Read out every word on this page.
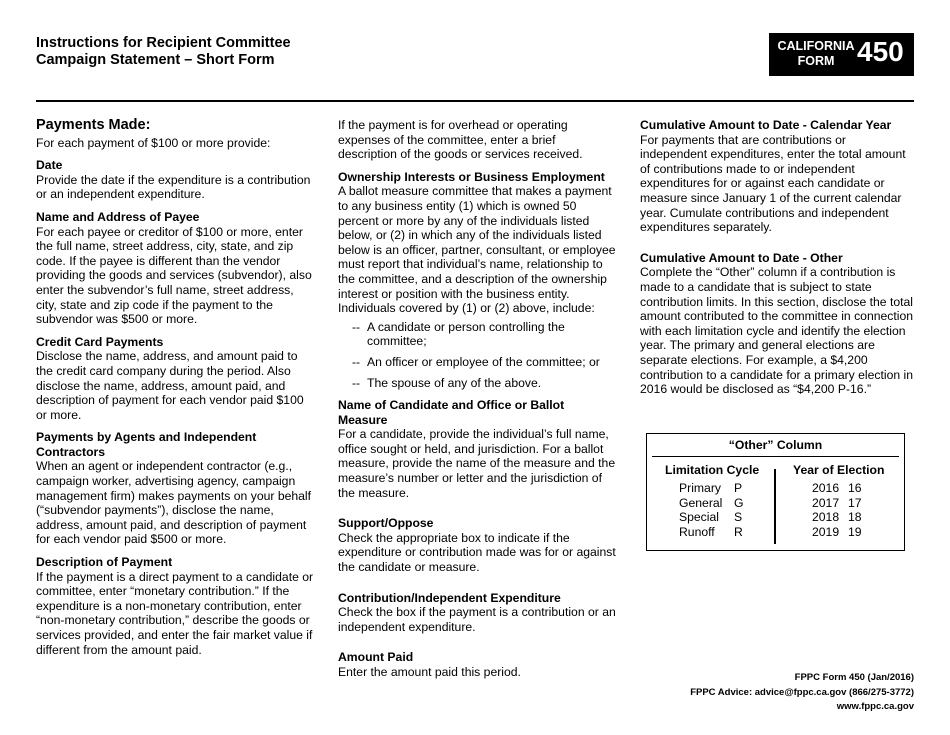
Instructions for Recipient Committee
Campaign Statement – Short Form
CALIFORNIA
FORM 450
Payments Made:

For each payment of $100 or more provide:

Date

Provide the date if the expenditure is a contribution or an independent expenditure.

Name and Address of Payee

For each payee or creditor of $100 or more, enter the full name, street address, city, state, and zip code. If the payee is different than the vendor providing the goods and services (subvendor), also enter the subvendor’s full name, street address, city, state and zip code if the payment to the subvendor was $500 or more.

Credit Card Payments

Disclose the name, address, and amount paid to the credit card company during the period. Also disclose the name, address, amount paid, and description of payment for each vendor paid $100 or more.

Payments by Agents and Independent Contractors

When an agent or independent contractor (e.g., campaign worker, advertising agency, campaign management firm) makes payments on your behalf (“subvendor payments”), disclose the name, address, amount paid, and description of payment for each vendor paid $500 or more.

Description of Payment

If the payment is a direct payment to a candidate or committee, enter “monetary contribution.” If the expenditure is a non-monetary contribution, enter “non-monetary contribution,” describe the goods or services provided, and enter the fair market value if different from the amount paid.

If the payment is for overhead or operating expenses of the committee, enter a brief description of the goods or services received.

Ownership Interests or Business Employment

A ballot measure committee that makes a payment to any business entity (1) which is owned 50 percent or more by any of the individuals listed below, or (2) in which any of the individuals listed below is an officer, partner, consultant, or employee must report that individual’s name, relationship to the committee, and a description of the ownership interest or position with the business entity. Individuals covered by (1) or (2) above, include:

-- A candidate or person controlling the committee;
-- An officer or employee of the committee; or
-- The spouse of any of the above.
Name of Candidate and Office or Ballot Measure

For a candidate, provide the individual’s full name, office sought or held, and jurisdiction. For a ballot measure, provide the name of the measure and the measure’s number or letter and the jurisdiction of the measure.

Support/Oppose

Check the appropriate box to indicate if the expenditure or contribution made was for or against the candidate or measure.

Contribution/Independent Expenditure

Check the box if the payment is a contribution or an independent expenditure.

Amount Paid

Enter the amount paid this period.

Cumulative Amount to Date - Calendar Year

For payments that are contributions or independent expenditures, enter the total amount of contributions made to or independent expenditures for or against each candidate or measure since January 1 of the current calendar year. Cumulate contributions and independent expenditures separately.

Cumulative Amount to Date - Other

Complete the “Other” column if a contribution is made to a candidate that is subject to state contribution limits. In this section, disclose the total amount contributed to the committee in connection with each limitation cycle and identify the election year. The primary and general elections are separate elections. For example, a $4,200 contribution to a candidate for a primary election in 2016 would be disclosed as “$4,200 P-16.”

“Other” Column
Limitation Cycle	Year of Election
Primary P	2016 16
General G	2017 17
Special S	2018 18
Runoff R	2019 19
FPPC Form 450 (Jan/2016)
FPPC Advice: advice@fppc.ca.gov (866/275-3772)
www.fppc.ca.gov
